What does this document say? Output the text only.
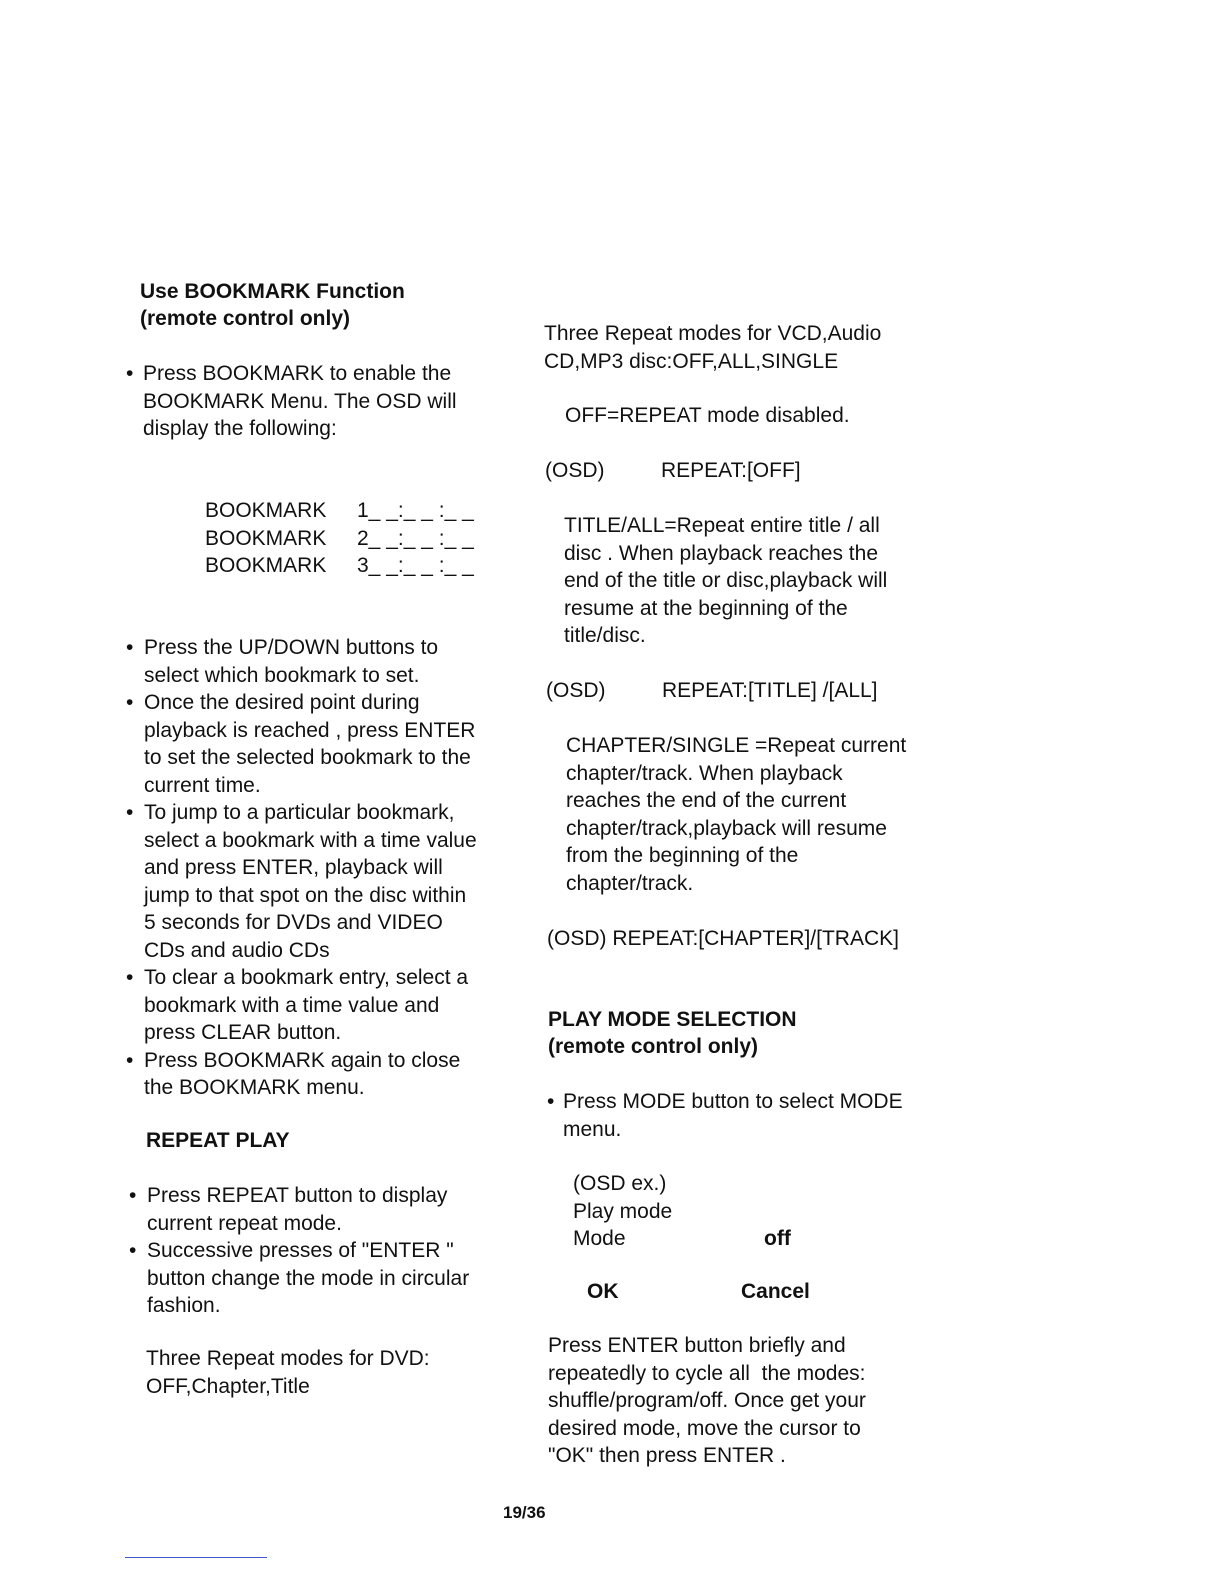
Use BOOKMARK Function
(remote control only)
• Press BOOKMARK to enable the
BOOKMARK Menu. The OSD will
display the following:
BOOKMARK 1_ _:_ _ :_ _
BOOKMARK 2_ _:_ _ :_ _
BOOKMARK 3_ _:_ _ :_ _
• Press the UP/DOWN buttons to
select which bookmark to set.
• Once the desired point during
playback is reached , press ENTER
to set the selected bookmark to the
current time.
• To jump to a particular bookmark,
select a bookmark with a time value
and press ENTER, playback will
jump to that spot on the disc within
5 seconds for DVDs and VIDEO
CDs and audio CDs
• To clear a bookmark entry, select a
bookmark with a time value and
press CLEAR button.
• Press BOOKMARK again to close
the BOOKMARK menu.
REPEAT PLAY
• Press REPEAT button to display
current repeat mode.
• Successive presses of "ENTER "
button change the mode in circular
fashion.
Three Repeat modes for DVD:
OFF,Chapter,Title
Three Repeat modes for VCD,Audio
CD,MP3 disc:OFF,ALL,SINGLE
OFF=REPEAT mode disabled.
(OSD)	REPEAT:[OFF]
TITLE/ALL=Repeat entire title / all
disc . When playback reaches the
end of the title or disc,playback will
resume at the beginning of the
title/disc.
(OSD)	REPEAT:[TITLE] /[ALL]
CHAPTER/SINGLE =Repeat current
chapter/track. When playback
reaches the end of the current
chapter/track,playback will resume
from the beginning of the
chapter/track.
(OSD) REPEAT:[CHAPTER]/[TRACK]
PLAY MODE SELECTION
(remote control only)
• Press MODE button to select MODE
menu.
(OSD ex.)
Play mode
Mode	off
OK	Cancel
Press ENTER button briefly and
repeatedly to cycle all  the modes:
shuffle/program/off. Once get your
desired mode, move the cursor to
"OK" then press ENTER .
19/36
